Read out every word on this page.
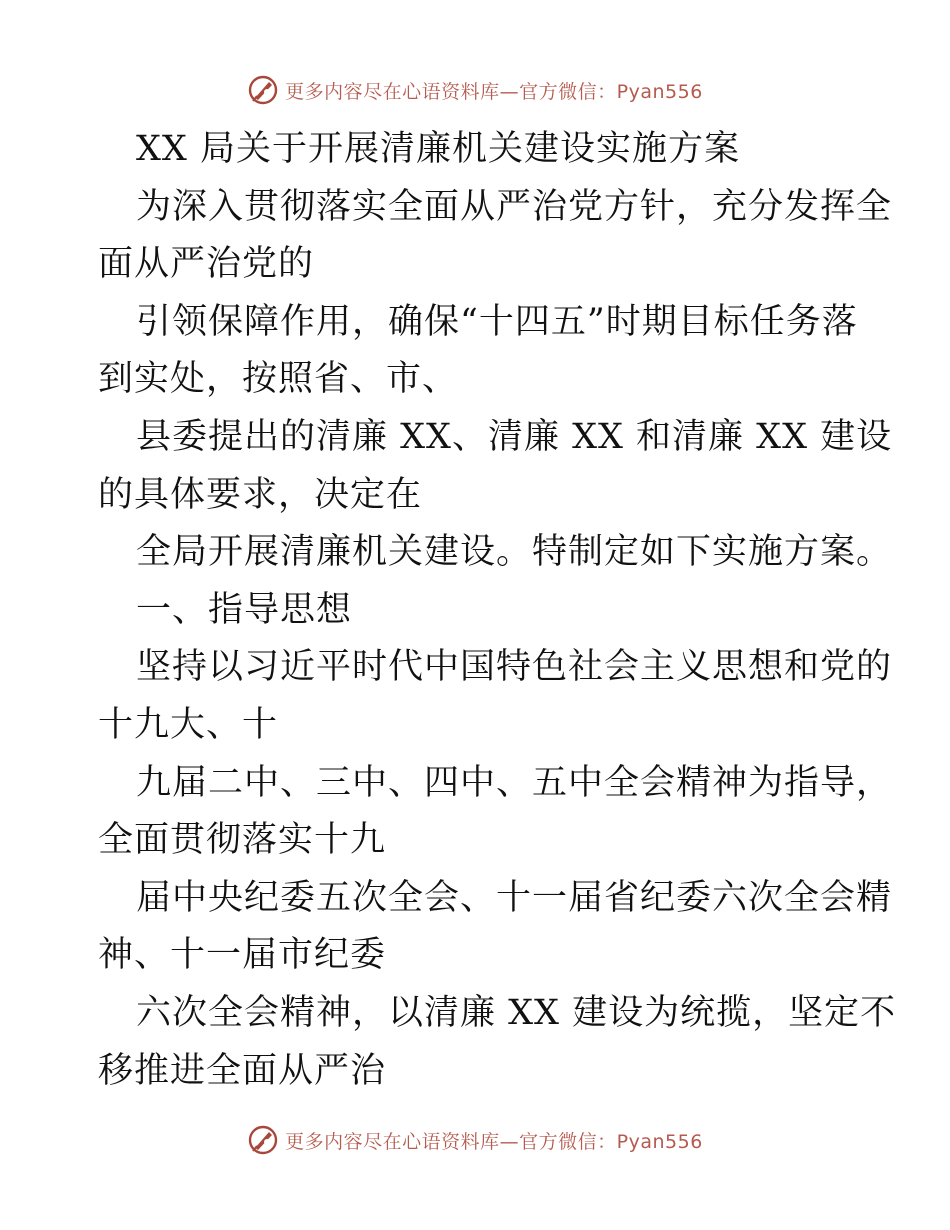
更多内容尽在心语资料库—官方微信：Pyan556
XX 局关于开展清廉机关建设实施方案
为深入贯彻落实全面从严治党方针，充分发挥全
面从严治党的
引领保障作用，确保“十四五”时期目标任务落
到实处，按照省、市、
县委提出的清廉 XX、清廉 XX 和清廉 XX 建设
的具体要求，决定在
全局开展清廉机关建设。特制定如下实施方案。
一、指导思想
坚持以习近平时代中国特色社会主义思想和党的
十九大、十
九届二中、三中、四中、五中全会精神为指导，
全面贯彻落实十九
届中央纪委五次全会、十一届省纪委六次全会精
神、十一届市纪委
六次全会精神，以清廉 XX 建设为统揽，坚定不
移推进全面从严治
更多内容尽在心语资料库—官方微信：Pyan556
